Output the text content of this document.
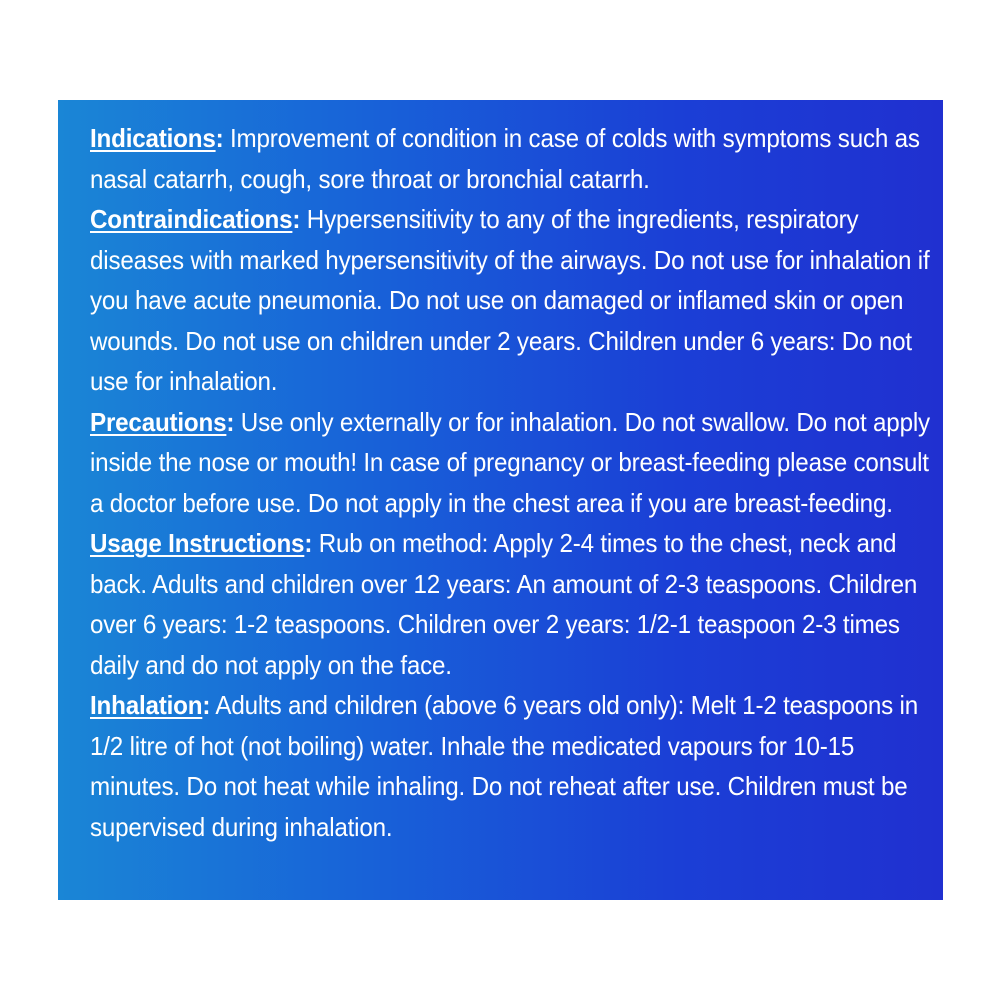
Indications: Improvement of condition in case of colds with symptoms such as nasal catarrh, cough, sore throat or bronchial catarrh.

Contraindications: Hypersensitivity to any of the ingredients, respiratory diseases with marked hypersensitivity of the airways. Do not use for inhalation if you have acute pneumonia. Do not use on damaged or inflamed skin or open wounds. Do not use on children under 2 years. Children under 6 years: Do not use for inhalation.

Precautions: Use only externally or for inhalation. Do not swallow. Do not apply inside the nose or mouth! In case of pregnancy or breast-feeding please consult a doctor before use. Do not apply in the chest area if you are breast-feeding.

Usage Instructions: Rub on method: Apply 2-4 times to the chest, neck and back. Adults and children over 12 years: An amount of 2-3 teaspoons. Children over 6 years: 1-2 teaspoons. Children over 2 years: 1/2-1 teaspoon 2-3 times daily and do not apply on the face.

Inhalation: Adults and children (above 6 years old only): Melt 1-2 teaspoons in 1/2 litre of hot (not boiling) water. Inhale the medicated vapours for 10-15 minutes. Do not heat while inhaling. Do not reheat after use. Children must be supervised during inhalation.
